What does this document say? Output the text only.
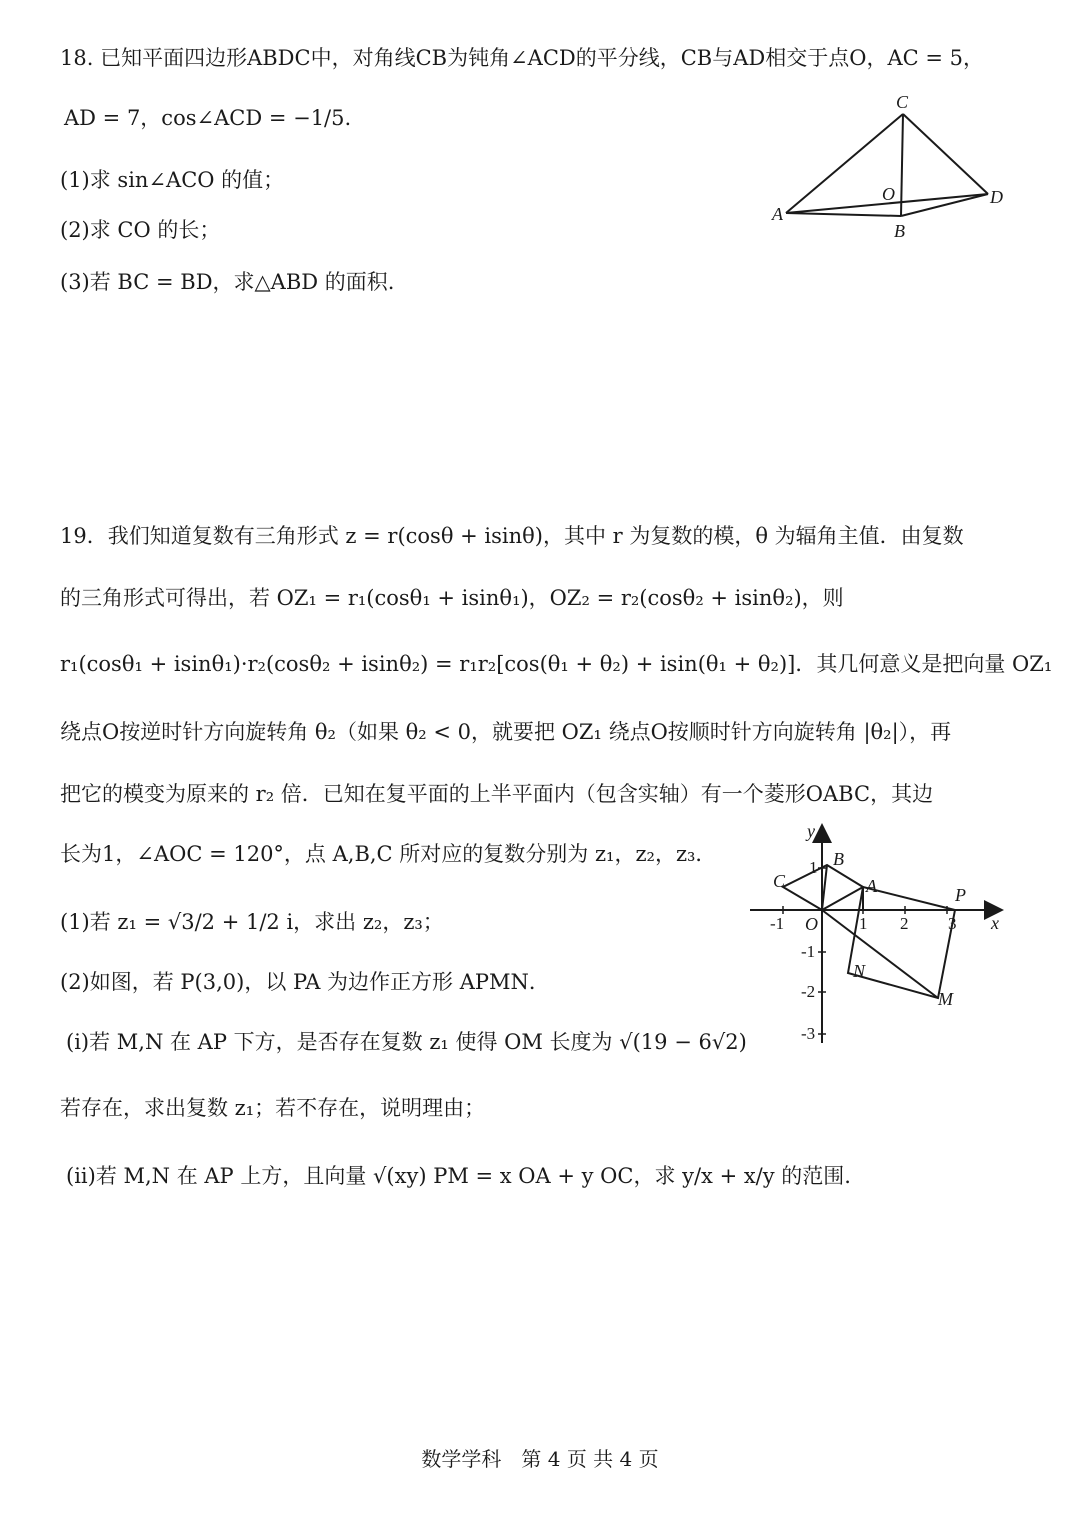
18. 已知平面四边形ABDC中，对角线CB为钝角∠ACD的平分线，CB与AD相交于点O，AC = 5，
AD = 7，cos∠ACD = −1/5.
(1)求 sin∠ACO 的值；
(2)求 CO 的长；
(3)若 BC = BD，求△ABD 的面积.
C
O	D
A
B
19．我们知道复数有三角形式 z = r(cosθ + isinθ)，其中 r 为复数的模，θ 为辐角主值．由复数
的三角形式可得出，若 OZ₁ = r₁(cosθ₁ + isinθ₁)，OZ₂ = r₂(cosθ₂ + isinθ₂)，则
r₁(cosθ₁ + isinθ₁)·r₂(cosθ₂ + isinθ₂) = r₁r₂[cos(θ₁ + θ₂) + isin(θ₁ + θ₂)]．其几何意义是把向量 OZ₁
绕点O按逆时针方向旋转角 θ₂（如果 θ₂ < 0，就要把 OZ₁ 绕点O按顺时针方向旋转角 |θ₂|），再
把它的模变为原来的 r₂ 倍．已知在复平面的上半平面内（包含实轴）有一个菱形OABC，其边
长为1，∠AOC = 120°，点 A,B,C 所对应的复数分别为 z₁，z₂，z₃．
(1)若 z₁ = √3/2 + 1/2 i，求出 z₂，z₃；
(2)如图，若 P(3,0)，以 PA 为边作正方形 APMN．
(i)若 M,N 在 AP 下方，是否存在复数 z₁ 使得 OM 长度为 √(19 − 6√2)
若存在，求出复数 z₁；若不存在，说明理由；
(ii)若 M,N 在 AP 上方，且向量 √(xy) PM = x OA + y OC，求 y/x + x/y 的范围.
y
x
O
B
C	A	P
N
M
-1	1 2 3
1
-1
-2
-3
数学学科　第 4 页 共 4 页
